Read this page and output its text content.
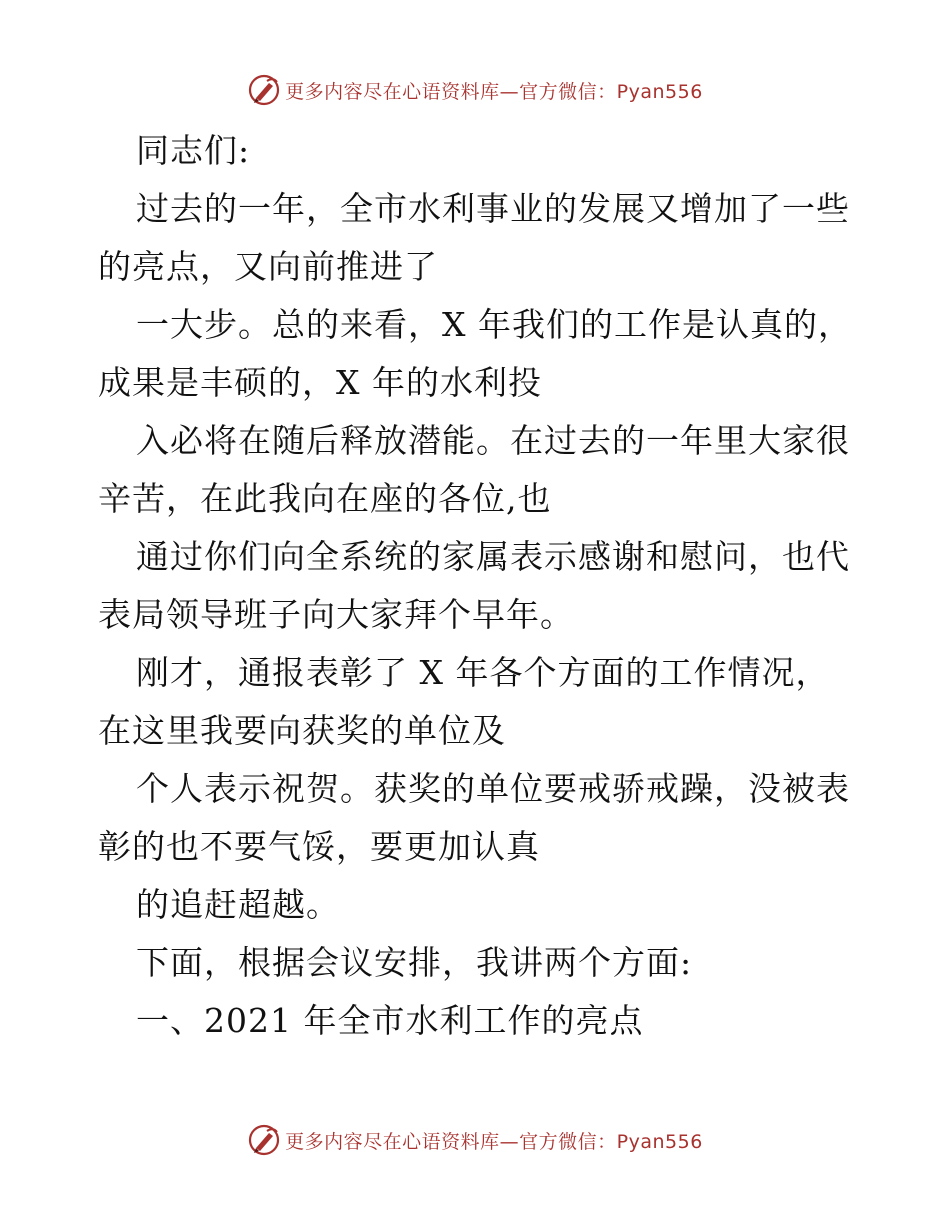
更多内容尽在心语资料库—官方微信：Pyan556
同志们:
过去的一年，全市水利事业的发展又增加了一些
的亮点，又向前推进了
一大步。总的来看，X 年我们的工作是认真的，
成果是丰硕的，X 年的水利投
入必将在随后释放潜能。在过去的一年里大家很
辛苦，在此我向在座的各位,也
通过你们向全系统的家属表示感谢和慰问，也代
表局领导班子向大家拜个早年。
刚才，通报表彰了 X 年各个方面的工作情况，
在这里我要向获奖的单位及
个人表示祝贺。获奖的单位要戒骄戒躁，没被表
彰的也不要气馁，要更加认真
的追赶超越。
下面，根据会议安排，我讲两个方面:
一、2021 年全市水利工作的亮点
更多内容尽在心语资料库—官方微信：Pyan556
